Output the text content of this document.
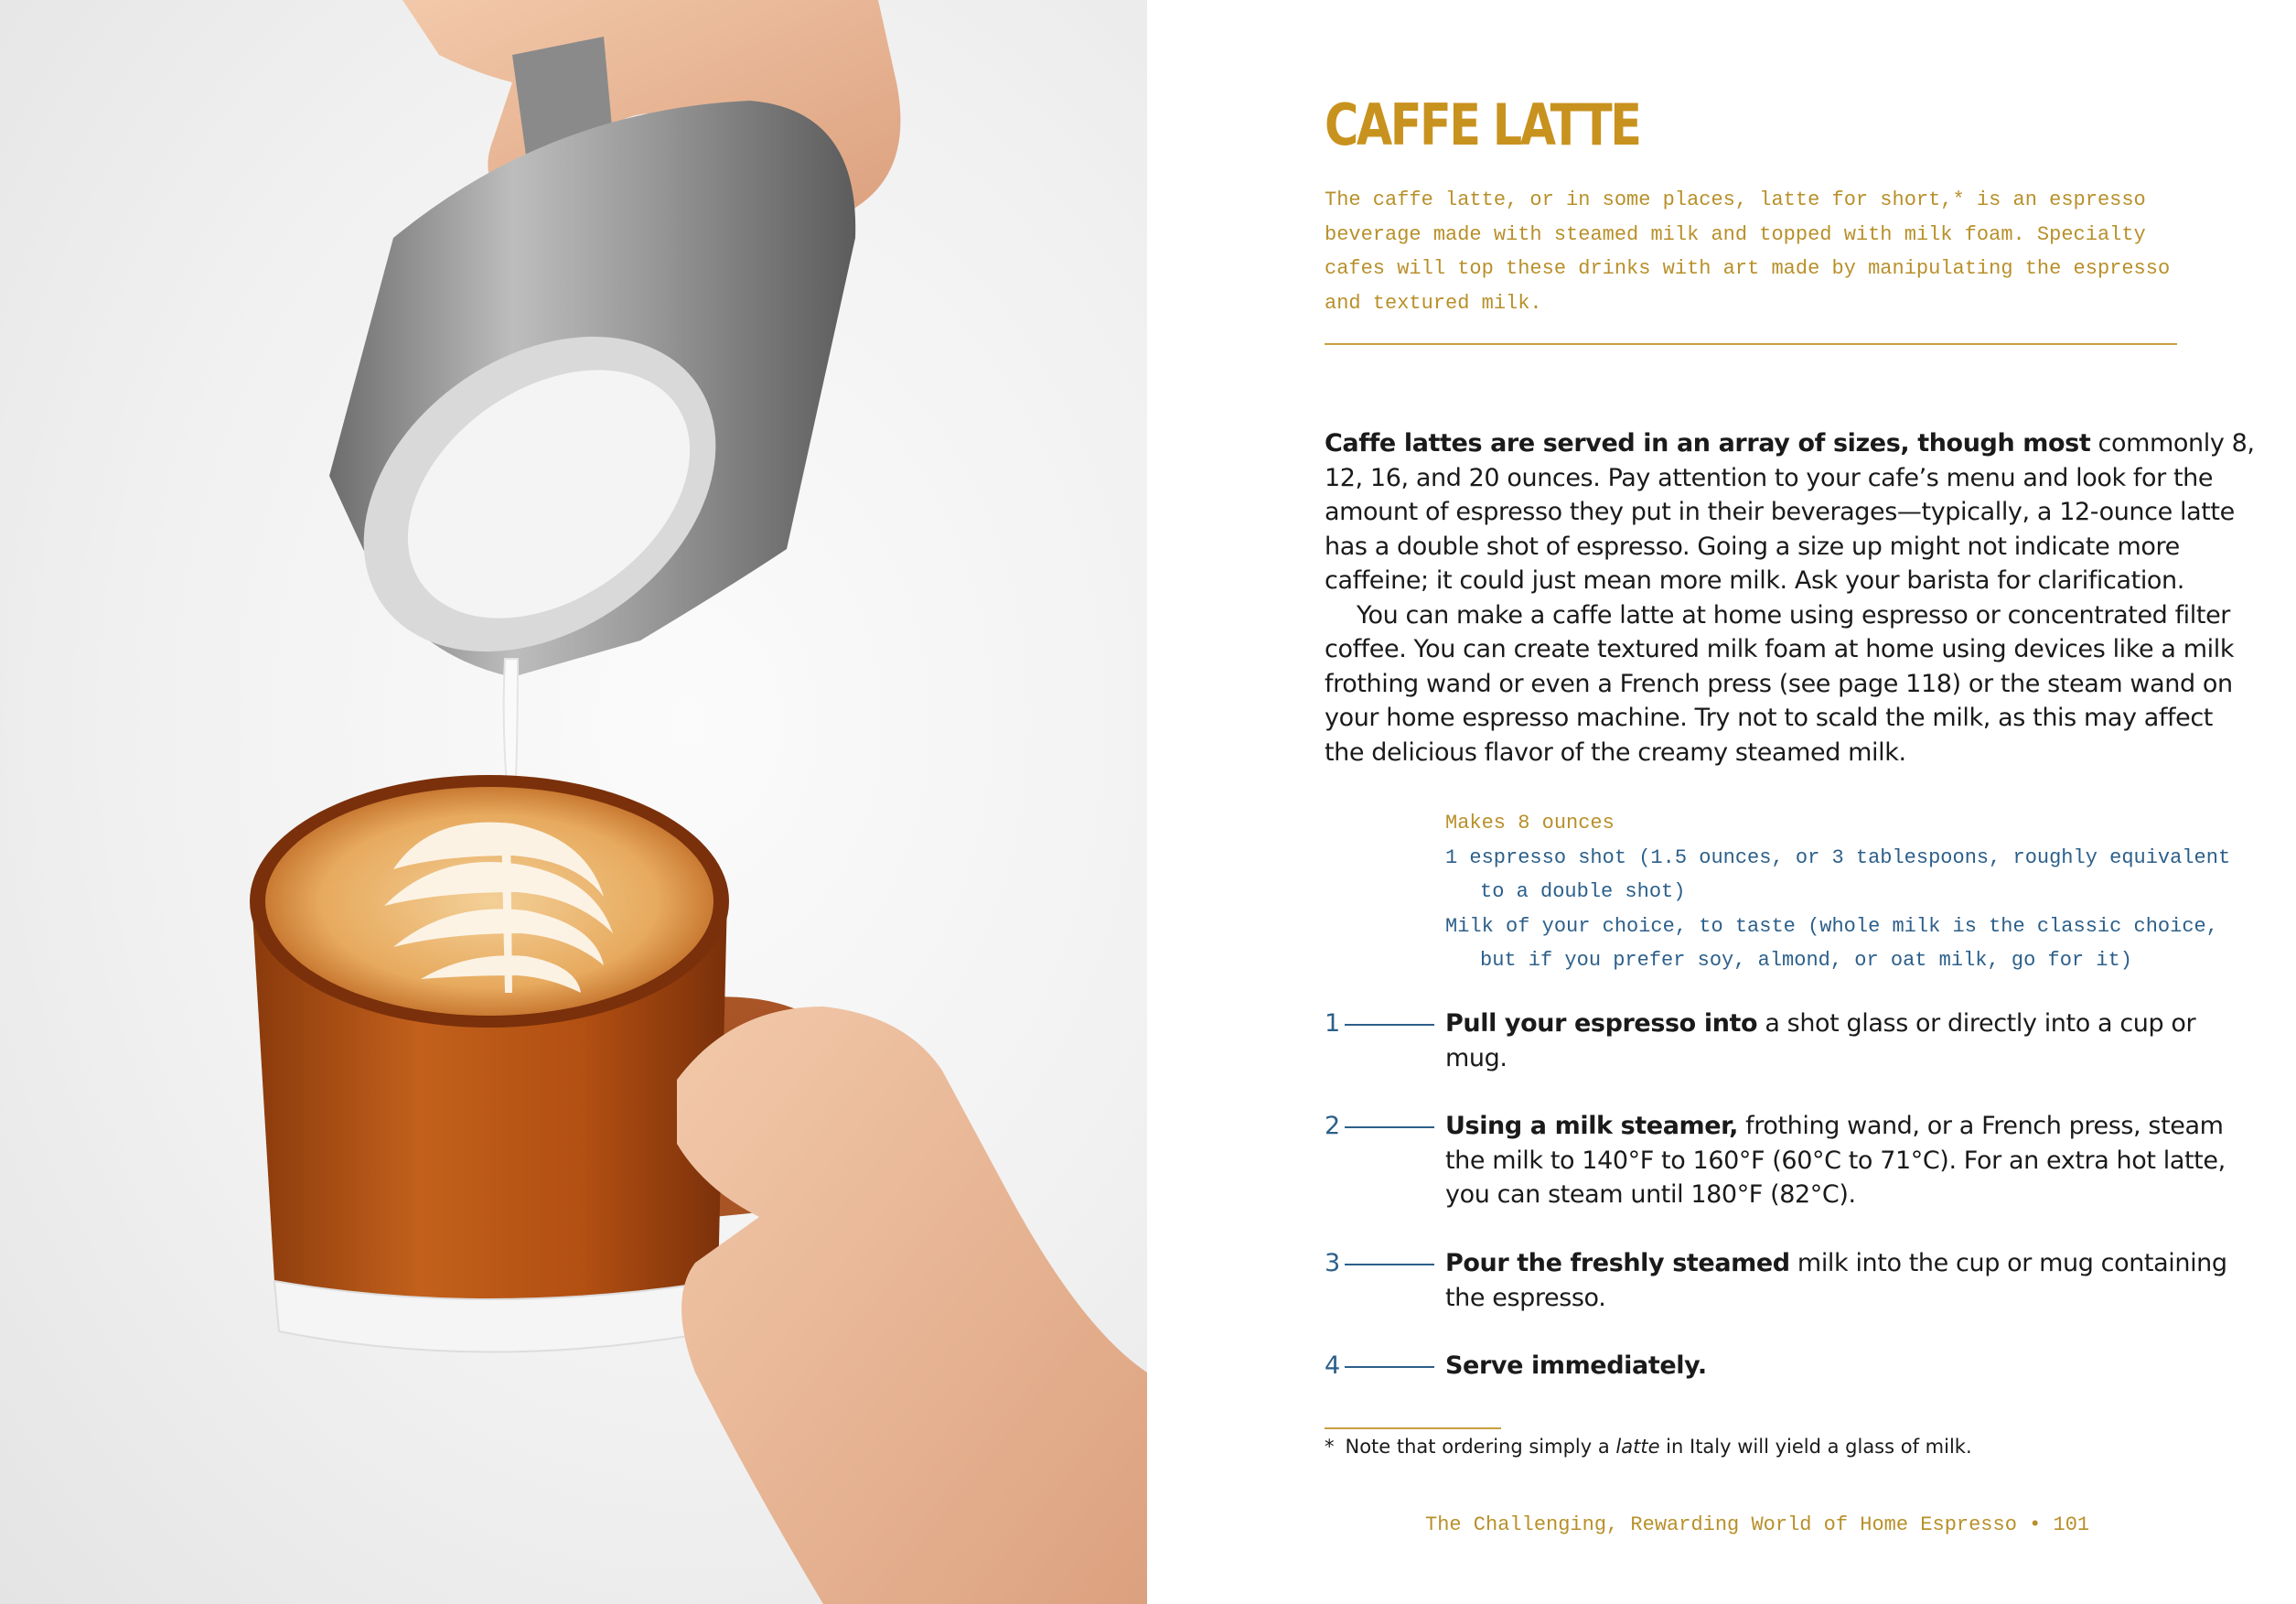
CAFFE LATTE

The caffe latte, or in some places, latte for short,* is an espresso beverage made with steamed milk and topped with milk foam. Specialty cafes will top these drinks with art made by manipulating the espresso and textured milk.

Caffe lattes are served in an array of sizes, though most commonly 8, 12, 16, and 20 ounces. Pay attention to your cafe’s menu and look for the amount of espresso they put in their beverages—typically, a 12-ounce latte has a double shot of espresso. Going a size up might not indicate more caffeine; it could just mean more milk. Ask your barista for clarification.

You can make a caffe latte at home using espresso or concentrated filter coffee. You can create textured milk foam at home using devices like a milk frothing wand or even a French press (see page 118) or the steam wand on your home espresso machine. Try not to scald the milk, as this may affect the delicious flavor of the creamy steamed milk.

Makes 8 ounces
1 espresso shot (1.5 ounces, or 3 tablespoons, roughly equivalent to a double shot)
Milk of your choice, to taste (whole milk is the classic choice, but if you prefer soy, almond, or oat milk, go for it)
1	Pull your espresso into a shot glass or directly into a cup or mug.
2	Using a milk steamer, frothing wand, or a French press, steam the milk to 140°F to 160°F (60°C to 71°C). For an extra hot latte, you can steam until 180°F (82°C).
3	Pour the freshly steamed milk into the cup or mug containing the espresso.
4	Serve immediately.
* Note that ordering simply a latte in Italy will yield a glass of milk.
The Challenging, Rewarding World of Home Espresso • 101
